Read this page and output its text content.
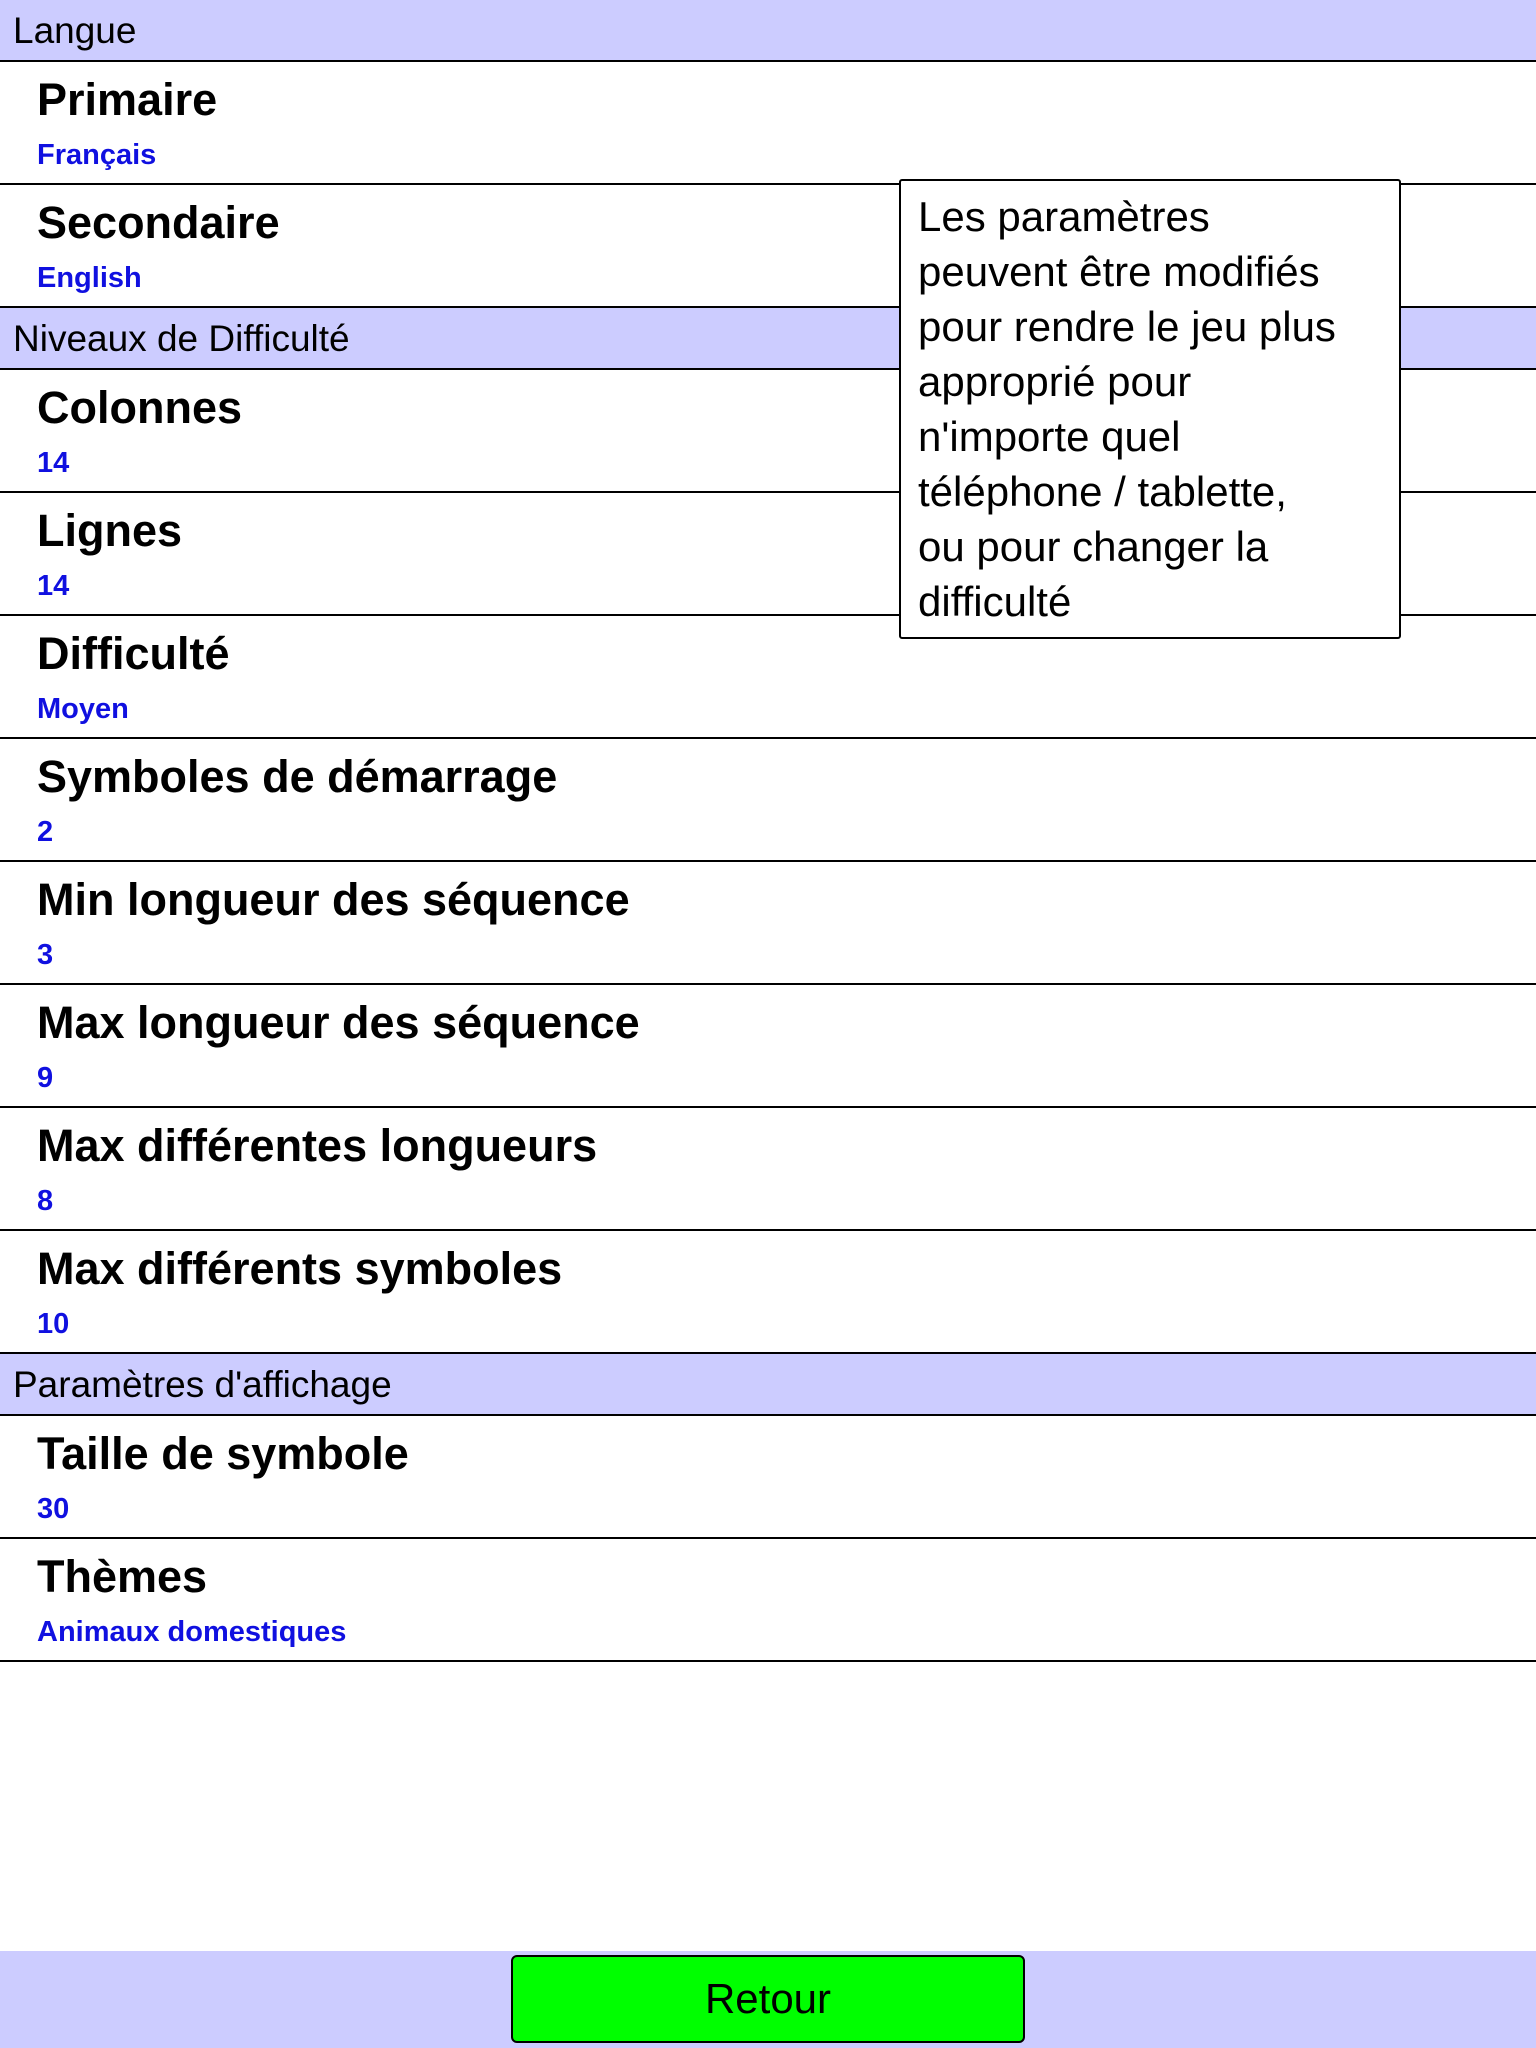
Langue
Primaire
Français
Secondaire
English
Niveaux de Difficulté
Colonnes
14
Lignes
14
Difficulté
Moyen
Symboles de démarrage
2
Min longueur des séquence
3
Max longueur des séquence
9
Max différentes longueurs
8
Max différents symboles
10
Paramètres d'affichage
Taille de symbole
30
Thèmes
Animaux domestiques
Les paramètres
peuvent être modifiés
pour rendre le jeu plus
approprié pour
n'importe quel
téléphone / tablette,
ou pour changer la
difficulté
Retour
